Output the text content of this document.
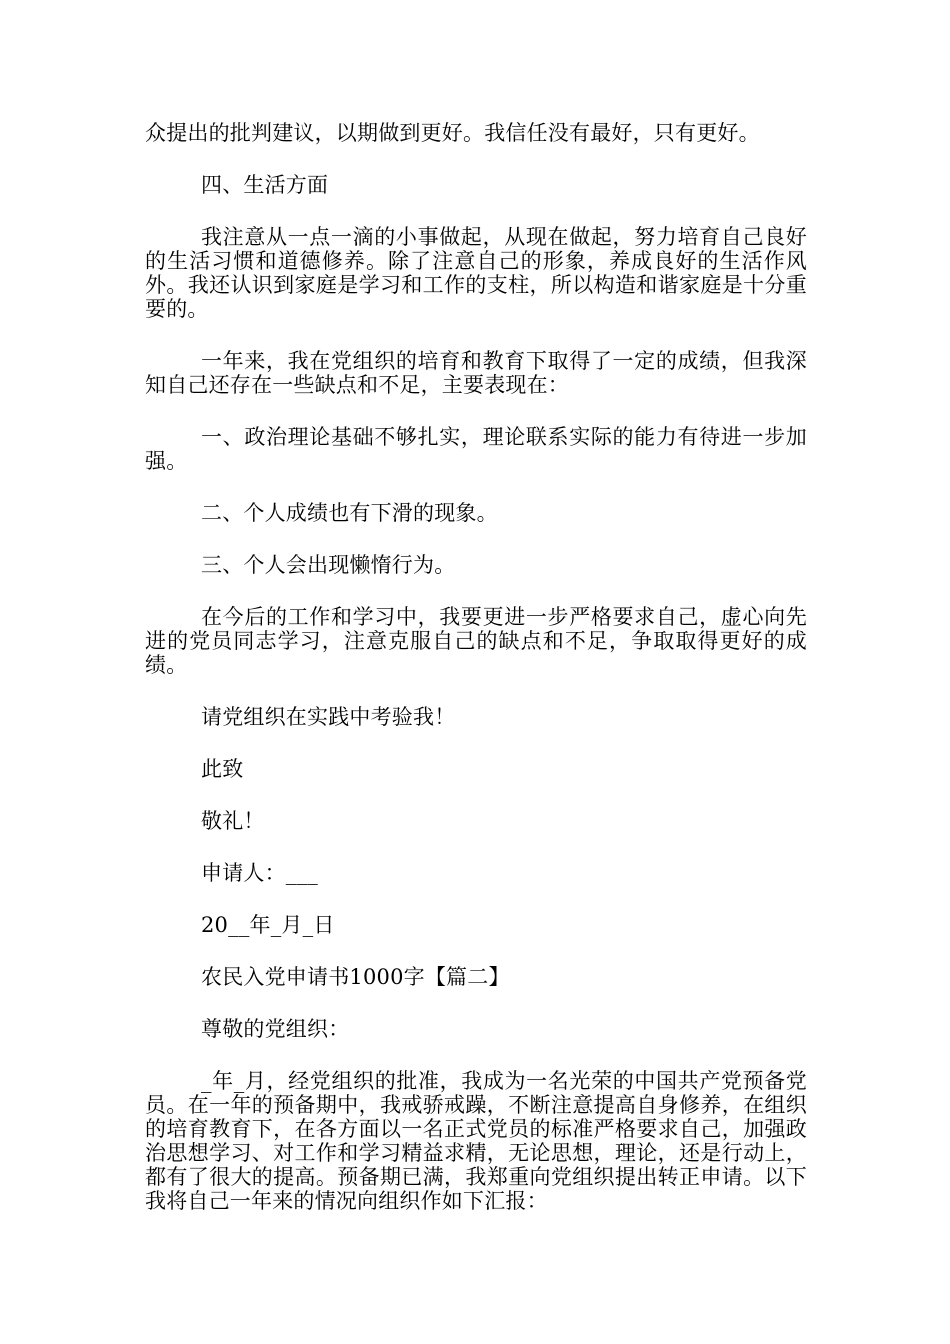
众提出的批判建议，以期做到更好。我信任没有最好，只有更好。

四、生活方面

我注意从一点一滴的小事做起，从现在做起，努力培育自己良好的生活习惯和道德修养。除了注意自己的形象，养成良好的生活作风外。我还认识到家庭是学习和工作的支柱，所以构造和谐家庭是十分重要的。

一年来，我在党组织的培育和教育下取得了一定的成绩，但我深知自己还存在一些缺点和不足，主要表现在：

一、政治理论基础不够扎实，理论联系实际的能力有待进一步加强。

二、个人成绩也有下滑的现象。

三、个人会出现懒惰行为。

在今后的工作和学习中，我要更进一步严格要求自己，虚心向先进的党员同志学习，注意克服自己的缺点和不足，争取取得更好的成绩。

请党组织在实践中考验我！

此致

敬礼！

申请人：___

20__年_月_日

农民入党申请书1000字【篇二】

尊敬的党组织：

_年_月，经党组织的批准，我成为一名光荣的中国共产党预备党员。在一年的预备期中，我戒骄戒躁，不断注意提高自身修养，在组织的培育教育下，在各方面以一名正式党员的标准严格要求自己，加强政治思想学习、对工作和学习精益求精，无论思想，理论，还是行动上，都有了很大的提高。预备期已满，我郑重向党组织提出转正申请。以下我将自己一年来的情况向组织作如下汇报：
